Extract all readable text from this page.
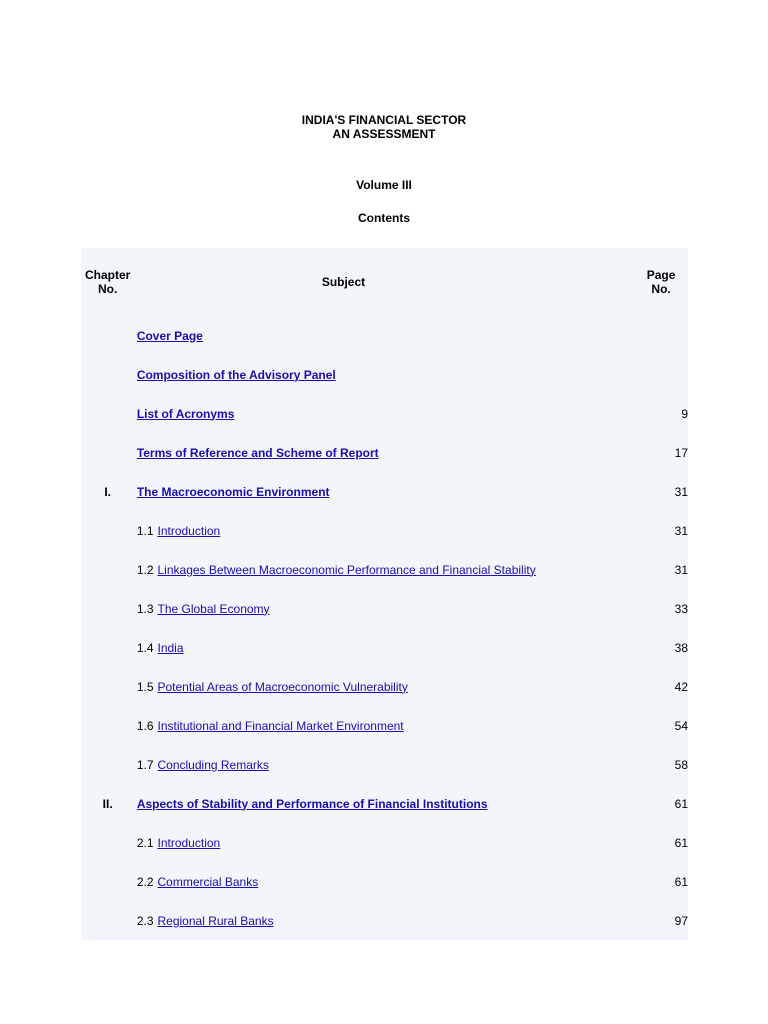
INDIA'S FINANCIAL SECTOR
AN ASSESSMENT
Volume III
Contents
Chapter
No.		Subject	Page
No.

		Cover Page	
		Composition of the Advisory Panel	
		List of Acronyms	9
		Terms of Reference and Scheme of Report	17
I.		The Macroeconomic Environment	31
		1.1 Introduction	31
		1.2 Linkages Between Macroeconomic Performance and Financial Stability	31
		1.3 The Global Economy	33
		1.4 India	38
		1.5 Potential Areas of Macroeconomic Vulnerability	42
		1.6 Institutional and Financial Market Environment	54
		1.7 Concluding Remarks	58
II.		Aspects of Stability and Performance of Financial Institutions	61
		2.1 Introduction	61
		2.2 Commercial Banks	61
		2.3 Regional Rural Banks	97
